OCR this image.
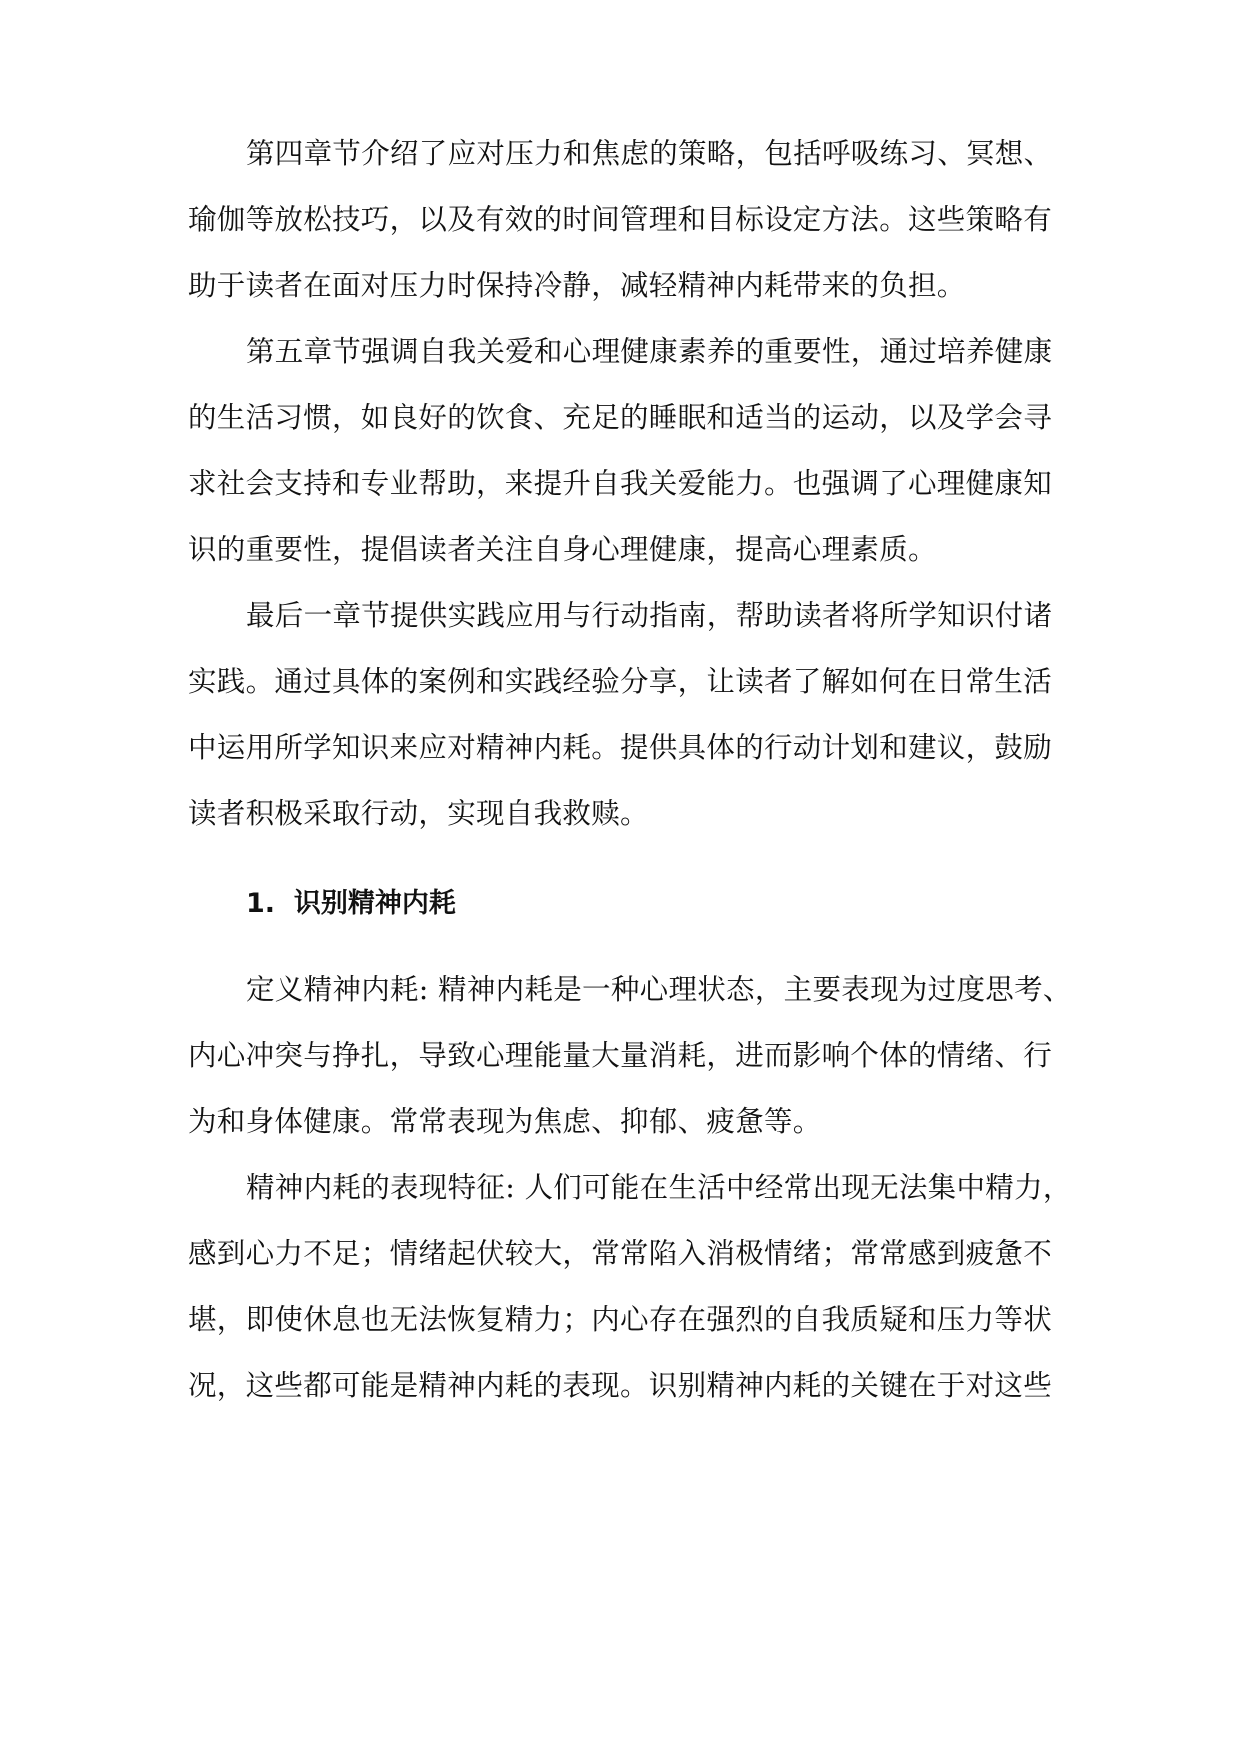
第四章节介绍了应对压力和焦虑的策略，包括呼吸练习、冥想、
瑜伽等放松技巧，以及有效的时间管理和目标设定方法。这些策略有
助于读者在面对压力时保持冷静，减轻精神内耗带来的负担。
第五章节强调自我关爱和心理健康素养的重要性，通过培养健康
的生活习惯，如良好的饮食、充足的睡眠和适当的运动，以及学会寻
求社会支持和专业帮助，来提升自我关爱能力。也强调了心理健康知
识的重要性，提倡读者关注自身心理健康，提高心理素质。
最后一章节提供实践应用与行动指南，帮助读者将所学知识付诸
实践。通过具体的案例和实践经验分享，让读者了解如何在日常生活
中运用所学知识来应对精神内耗。提供具体的行动计划和建议，鼓励
读者积极采取行动，实现自我救赎。
1. 识别精神内耗
定义精神内耗: 精神内耗是一种心理状态，主要表现为过度思考、
内心冲突与挣扎，导致心理能量大量消耗，进而影响个体的情绪、行
为和身体健康。常常表现为焦虑、抑郁、疲惫等。
精神内耗的表现特征: 人们可能在生活中经常出现无法集中精力，
感到心力不足；情绪起伏较大，常常陷入消极情绪；常常感到疲惫不
堪，即使休息也无法恢复精力；内心存在强烈的自我质疑和压力等状
况，这些都可能是精神内耗的表现。识别精神内耗的关键在于对这些
